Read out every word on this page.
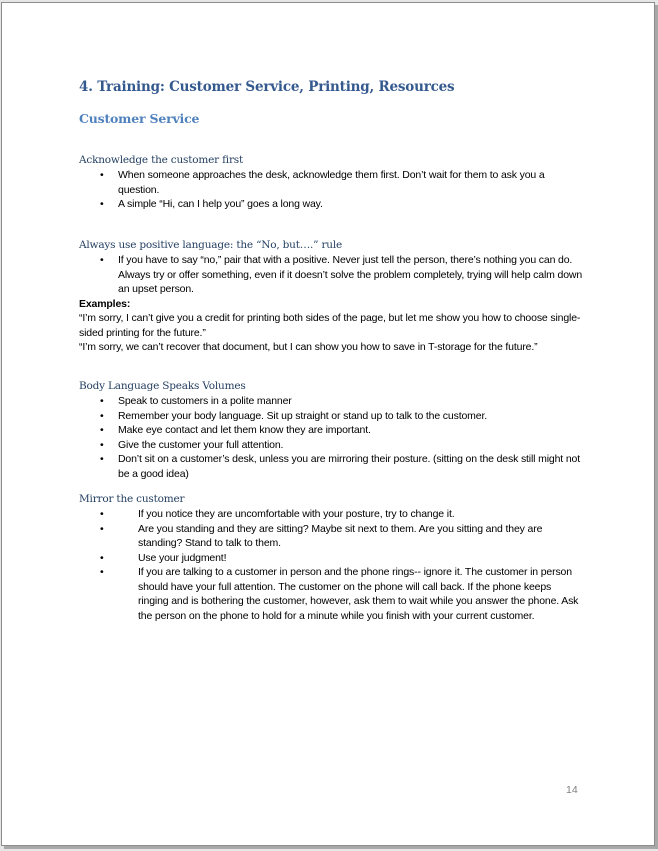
4. Training: Customer Service, Printing, Resources
Customer Service
Acknowledge the customer first
• When someone approaches the desk, acknowledge them first. Don’t wait for them to ask you a question.
• A simple “Hi, can I help you” goes a long way.
Always use positive language: the “No, but….” rule
• If you have to say “no,” pair that with a positive. Never just tell the person, there’s nothing you can do. Always try or offer something, even if it doesn’t solve the problem completely, trying will help calm down an upset person.
Examples:
“I’m sorry, I can’t give you a credit for printing both sides of the page, but let me show you how to choose single-sided printing for the future.”
“I’m sorry, we can’t recover that document, but I can show you how to save in T-storage for the future.”
Body Language Speaks Volumes
• Speak to customers in a polite manner
• Remember your body language. Sit up straight or stand up to talk to the customer.
• Make eye contact and let them know they are important.
• Give the customer your full attention.
• Don’t sit on a customer’s desk, unless you are mirroring their posture. (sitting on the desk still might not be a good idea)
Mirror the customer
•	If you notice they are uncomfortable with your posture, try to change it.
•	Are you standing and they are sitting? Maybe sit next to them. Are you sitting and they are standing? Stand to talk to them.
•	Use your judgment!
•	If you are talking to a customer in person and the phone rings-- ignore it. The customer in person should have your full attention. The customer on the phone will call back. If the phone keeps ringing and is bothering the customer, however, ask them to wait while you answer the phone. Ask the person on the phone to hold for a minute while you finish with your current customer.
14
